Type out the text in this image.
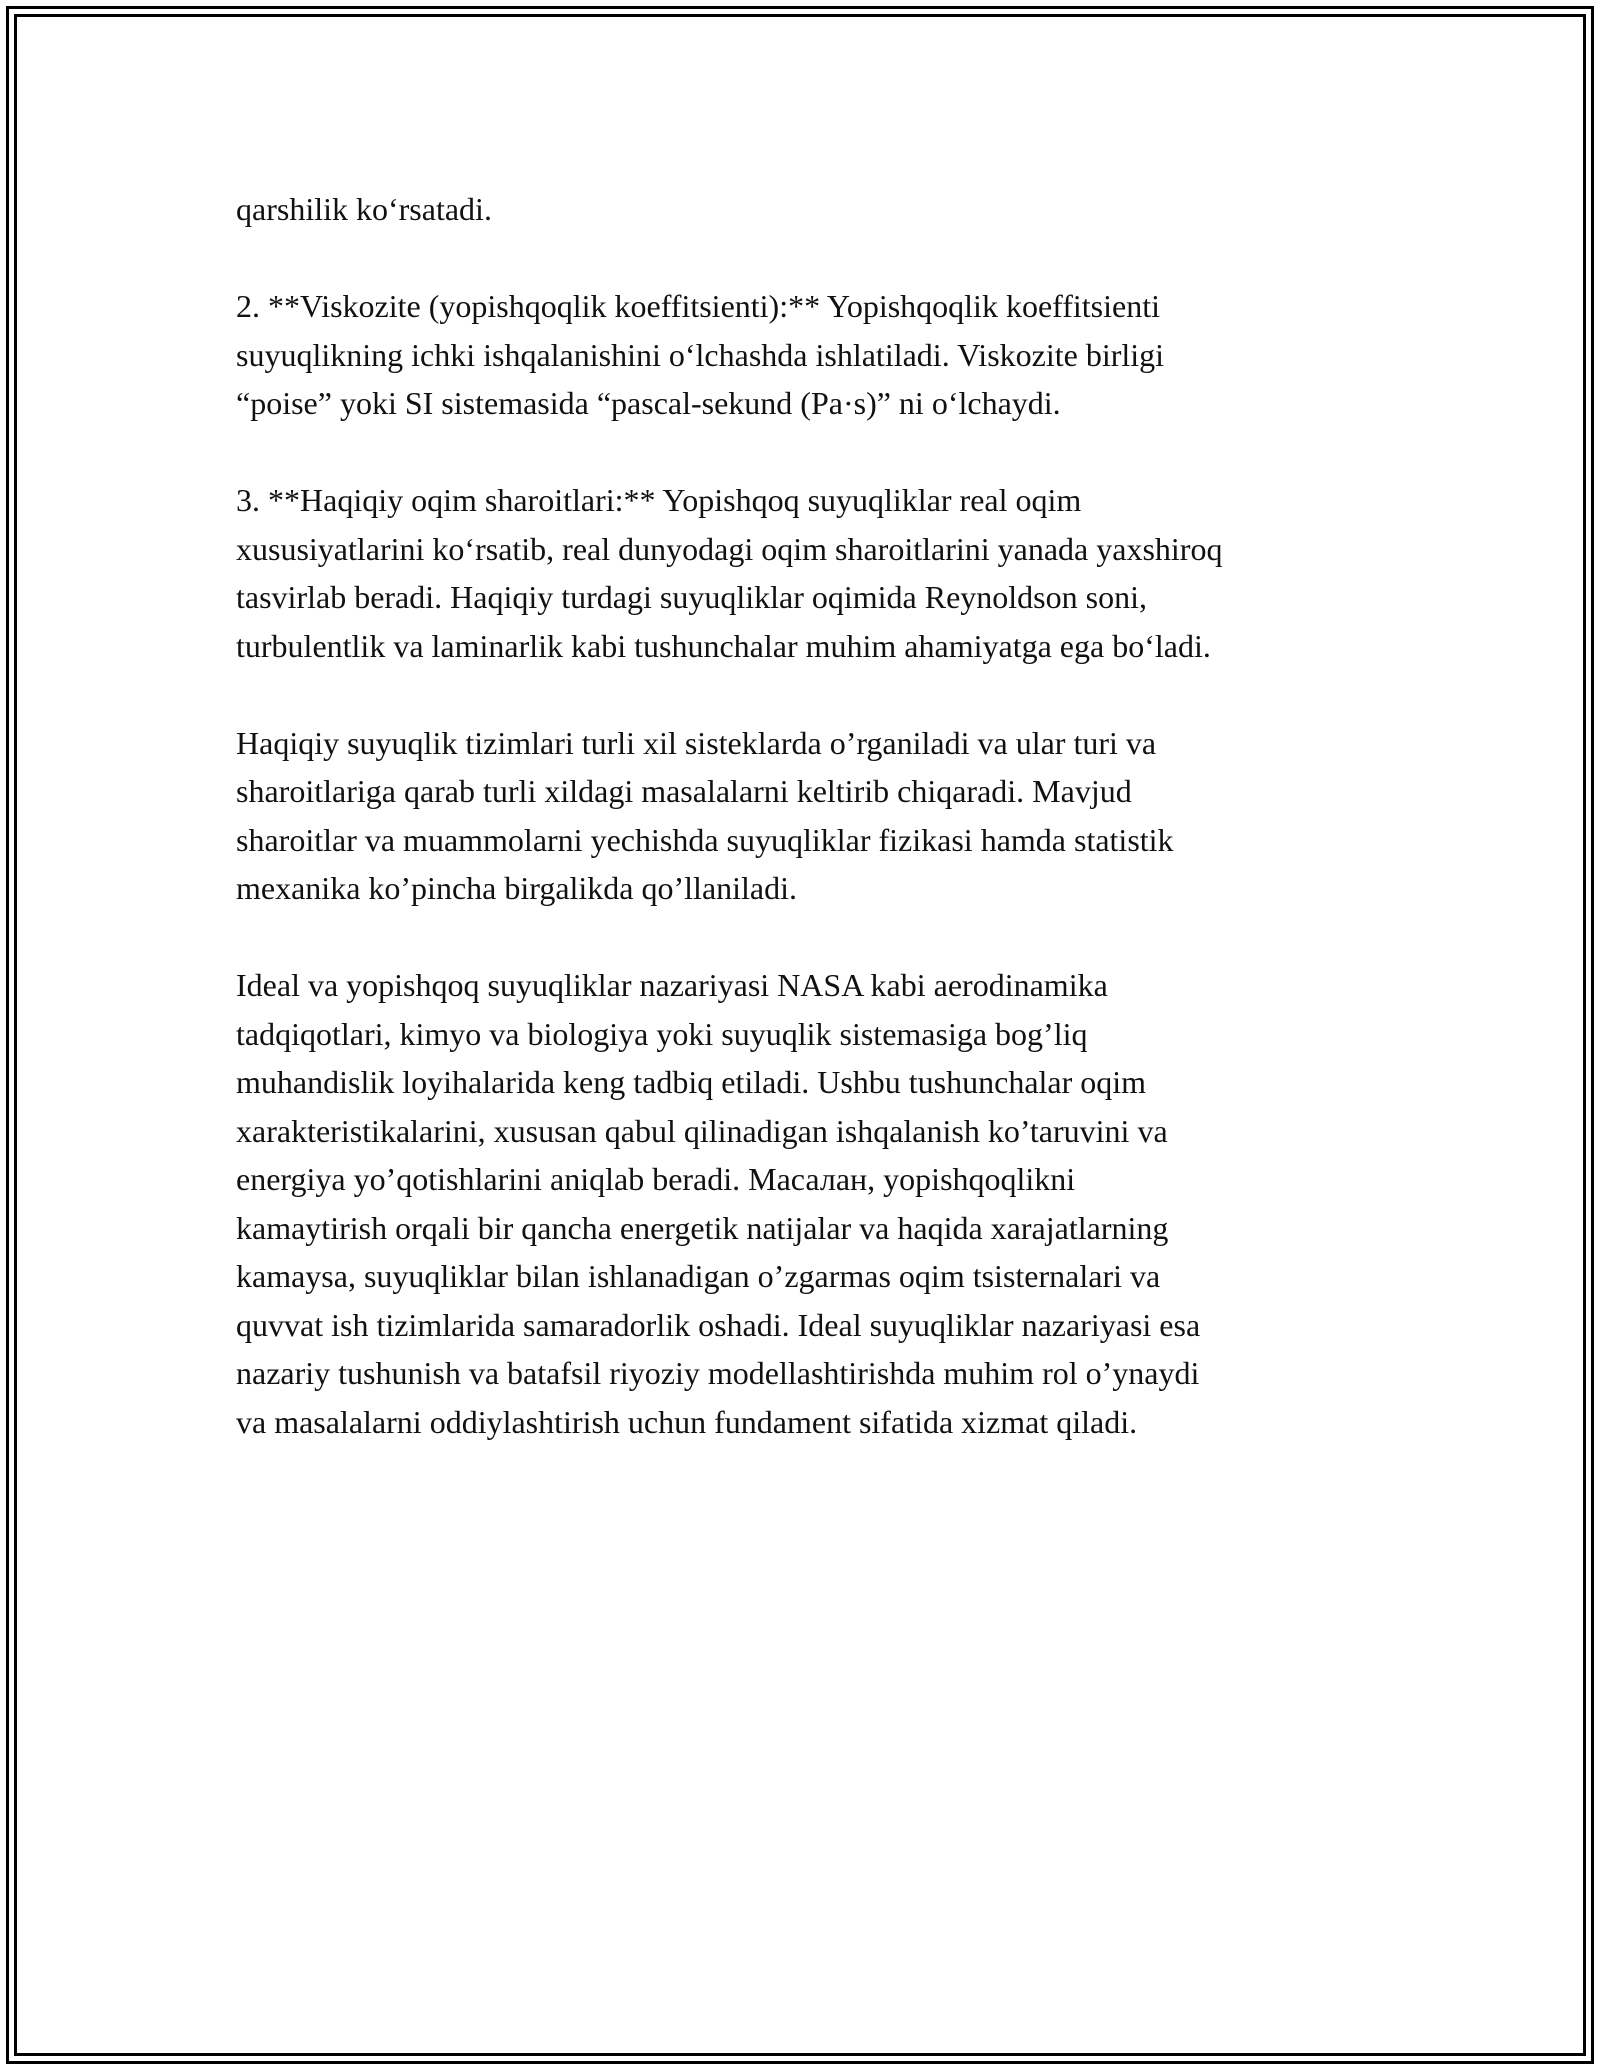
qarshilik ko‘rsatadi.

2. **Viskozite (yopishqoqlik koeffitsienti):** Yopishqoqlik koeffitsienti
suyuqlikning ichki ishqalanishini o‘lchashda ishlatiladi. Viskozite birligi
“poise” yoki SI sistemasida “pascal-sekund (Pa·s)” ni o‘lchaydi.

3. **Haqiqiy oqim sharoitlari:** Yopishqoq suyuqliklar real oqim
xususiyatlarini ko‘rsatib, real dunyodagi oqim sharoitlarini yanada yaxshiroq
tasvirlab beradi. Haqiqiy turdagi suyuqliklar oqimida Reynoldson soni,
turbulentlik va laminarlik kabi tushunchalar muhim ahamiyatga ega bo‘ladi.

Haqiqiy suyuqlik tizimlari turli xil sisteklarda o’rganiladi va ular turi va
sharoitlariga qarab turli xildagi masalalarni keltirib chiqaradi. Mavjud
sharoitlar va muammolarni yechishda suyuqliklar fizikasi hamda statistik
mexanika ko’pincha birgalikda qo’llaniladi.

Ideal va yopishqoq suyuqliklar nazariyasi NASA kabi aerodinamika
tadqiqotlari, kimyo va biologiya yoki suyuqlik sistemasiga bog’liq
muhandislik loyihalarida keng tadbiq etiladi. Ushbu tushunchalar oqim
xarakteristikalarini, xususan qabul qilinadigan ishqalanish ko’taruvini va
energiya yo’qotishlarini aniqlab beradi. Масалан, yopishqoqlikni
kamaytirish orqali bir qancha energetik natijalar va haqida xarajatlarning
kamaysa, suyuqliklar bilan ishlanadigan o’zgarmas oqim tsisternalari va
quvvat ish tizimlarida samaradorlik oshadi. Ideal suyuqliklar nazariyasi esa
nazariy tushunish va batafsil riyoziy modellashtirishda muhim rol o’ynaydi
va masalalarni oddiylashtirish uchun fundament sifatida xizmat qiladi.
